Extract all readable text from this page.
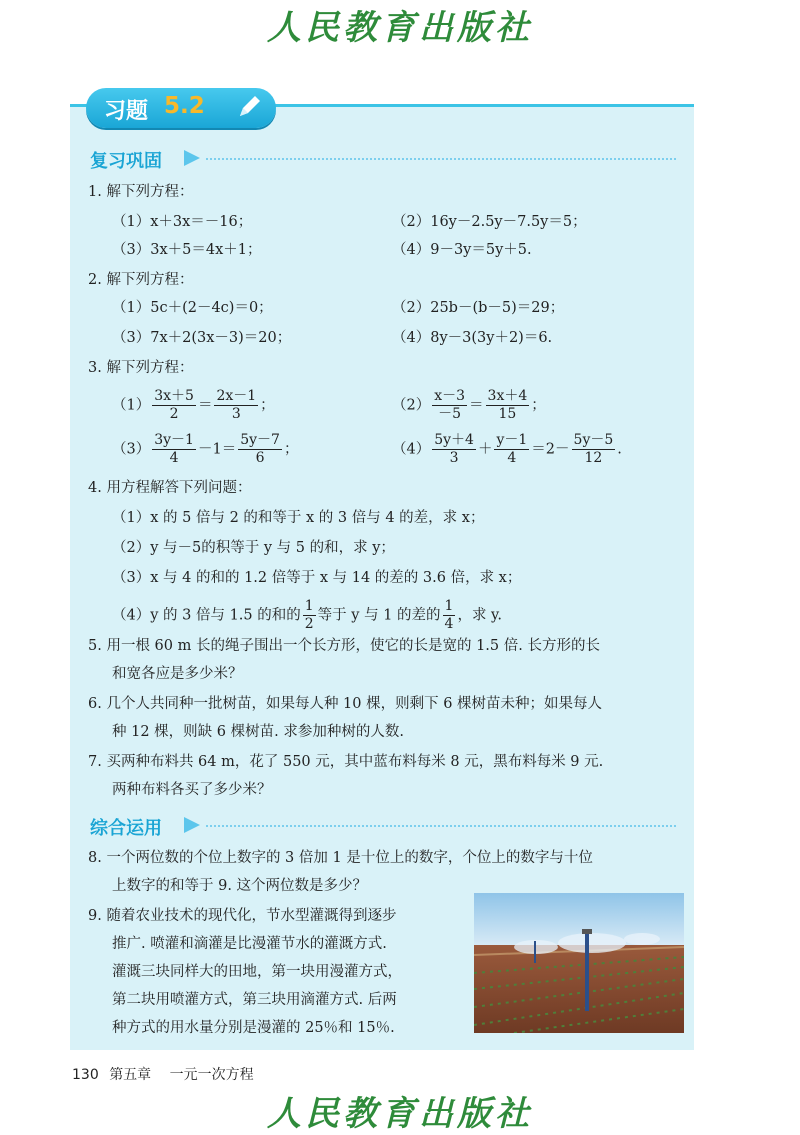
人民教育出版社
习题 5.2
复习巩固
1. 解下列方程：
（1）x＋3x＝－16；	（2）16y－2.5y－7.5y＝5；
（3）3x＋5＝4x＋1；	（4）9－3y＝5y＋5.
2. 解下列方程：
（1）5c＋(2－4c)＝0；	（2）25b－(b－5)＝29；
（3）7x＋2(3x－3)＝20；	（4）8y－3(3y＋2)＝6.
3. 解下列方程：
$(1) \frac{3x+5}{2} = \frac{2x-1}{3}$ ；	$(2) \frac{x-3}{-5} = \frac{3x+4}{15}$ ；
$(3) \frac{3y-1}{4} -1= \frac{5y-7}{6}$ ；	$(4) \frac{5y+4}{3} + \frac{y-1}{4} =2- \frac{5y-5}{12}$ .
4. 用方程解答下列问题：
（1）x 的 5 倍与 2 的和等于 x 的 3 倍与 4 的差，求 x；
（2）y 与－5的积等于 y 与 5 的和，求 y；
（3）x 与 4 的和的 1.2 倍等于 x 与 14 的差的 3.6 倍，求 x；
（4）y 的 3 倍与 1.5 的和的 $\frac{1}{2}$ 等于 y 与 1 的差的 $\frac{1}{4}$ ，求 y.
5. 用一根 60 m 长的绳子围出一个长方形，使它的长是宽的 1.5 倍. 长方形的长
和宽各应是多少米？
6. 几个人共同种一批树苗，如果每人种 10 棵，则剩下 6 棵树苗未种；如果每人
种 12 棵，则缺 6 棵树苗. 求参加种树的人数.
7. 买两种布料共 64 m，花了 550 元，其中蓝布料每米 8 元，黑布料每米 9 元.
两种布料各买了多少米？
综合运用
8. 一个两位数的个位上数字的 3 倍加 1 是十位上的数字，个位上的数字与十位
上数字的和等于 9. 这个两位数是多少？
9. 随着农业技术的现代化，节水型灌溉得到逐步
推广. 喷灌和滴灌是比漫灌节水的灌溉方式.
灌溉三块同样大的田地，第一块用漫灌方式，
第二块用喷灌方式，第三块用滴灌方式. 后两
种方式的用水量分别是漫灌的 25％和 15％.
130 第五章 一元一次方程
人民教育出版社
